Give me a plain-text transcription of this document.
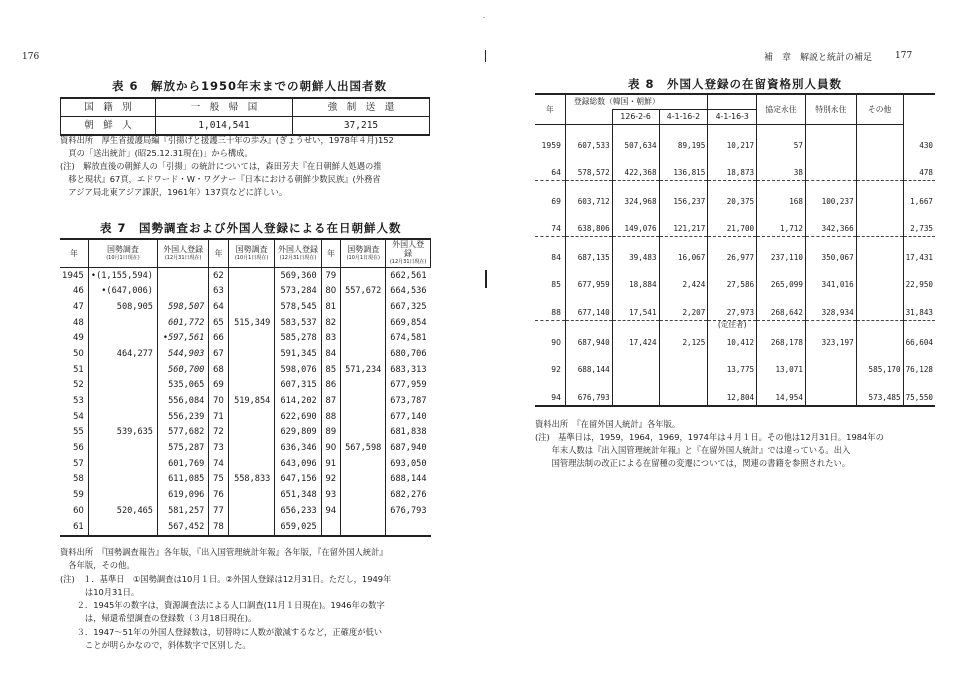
176
表 6　解放から1950年末までの朝鮮人出国者数
国　籍　別	一　般　帰　国	強　制　送　還
朝　鮮　人	1,014,541	37,215
資料出所　厚生省援護局編『引揚げと援護三十年の歩み』(ぎょうせい，1978年４月)152
　頁の「送出統計」(昭25.12.31現在)」から構成。
(注)　解放直後の朝鮮人の「引揚」の統計については，森田芳夫『在日朝鮮人処遇の推
　移と現状』67頁，エドワード・W・ワグナー『日本における朝鮮少数民族』(外務省
　アジア局北東アジア課訳，1961年）137頁などに詳しい。
表 7　国勢調査および外国人登録による在日朝鮮人数
年	国勢調査
(10月1日現在)	外国人登録
(12月31日現在)	年	国勢調査
(10月1日現在)	外国人登録
(12月31日現在)	年	国勢調査
(10月1日現在)	外国人登録
(12月31日現在)

1945	•(1,155,594)		62		569,360	79		662,561
46	•(647,006)		63		573,284	80	557,672	664,536
47	508,905	598,507	64		578,545	81		667,325
48		601,772	65	515,349	583,537	82		669,854
49		•597,561	66		585,278	83		674,581
50	464,277	544,903	67		591,345	84		680,706
51		560,700	68		598,076	85	571,234	683,313
52		535,065	69		607,315	86		677,959
53		556,084	70	519,854	614,202	87		673,787
54		556,239	71		622,690	88		677,140
55	539,635	577,682	72		629,809	89		681,838
56		575,287	73		636,346	90	567,598	687,940
57		601,769	74		643,096	91		693,050
58		611,085	75	558,833	647,156	92		688,144
59		619,096	76		651,348	93		682,276
60	520,465	581,257	77		656,233	94		676,793
61		567,452	78		659,025			
資料出所　『国勢調査報告』各年版，『出入国管理統計年報』各年版，『在留外国人統計』
　各年版，その他。
(注)　１．基準日　①国勢調査は10月１日。②外国人登録は12月31日。ただし，1949年
　　　は10月31日。
　　２．1945年の数字は，資源調査法による人口調査(11月１日現在)。1946年の数字
　　　は，帰還希望調査の登録数（３月18日現在)。
　　３．1947〜51年の外国人登録数は，切替時に人数が激減するなど，正確度が低い
　　　ことが明らかなので，斜体数字で区別した。
·
補　章　解説と統計の補足	177
表 8　外国人登録の在留資格別人員数
年	登録総数（韓国・朝鮮）				協定永住	特別永住	その他	
		126-2-6	4-1-16-2	4-1-16-3				
1959	607,533	507,634	89,195	10,217	57			430
64	578,572	422,368	136,815	18,873	38			478
69	603,712	324,968	156,237	20,375	168	100,237		1,667
74	638,806	149,076	121,217	21,700	1,712	342,366		2,735
84	687,135	39,483	16,067	26,977	237,110	350,067		17,431
85	677,959	18,884	2,424	27,586	265,099	341,016		22,950
88	677,140	17,541	2,207	27,973	268,642	328,934		31,843
				(定住者)				
90	687,940	17,424	2,125	10,412	268,178	323,197		66,604
92	688,144			13,775	13,071		585,170	76,128
94	676,793			12,804	14,954		573,485	75,550
資料出所　『在留外国人統計』各年版。
(注)　基準日は，1959，1964，1969，1974年は４月１日。その他は12月31日。1984年の
　　年末人数は『出入国管理統計年報』と『在留外国人統計』では違っている。出入
　　国管理法制の改正による在留種の変遷については，関連の書籍を参照されたい。
